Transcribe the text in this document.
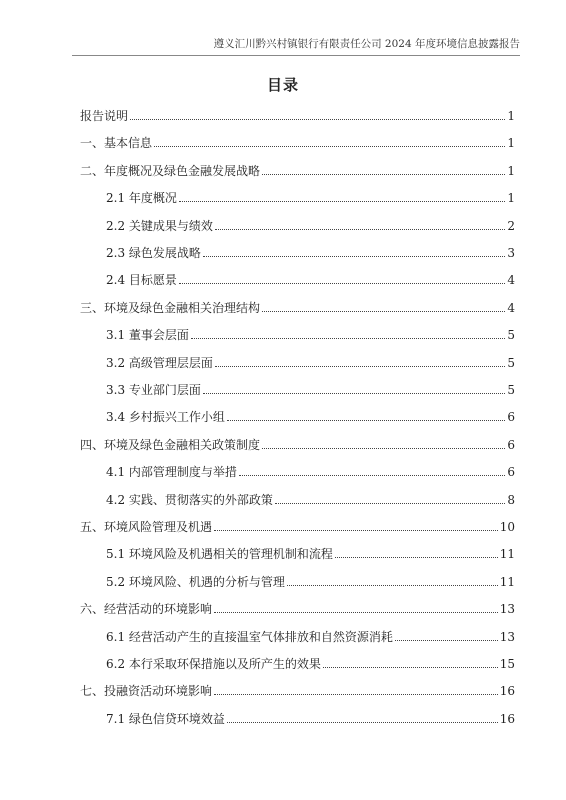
遵义汇川黔兴村镇银行有限责任公司 2024 年度环境信息披露报告
目录
报告说明	1
一、基本信息	1
二、年度概况及绿色金融发展战略	1
2.1 年度概况	1
2.2 关键成果与绩效	2
2.3 绿色发展战略	3
2.4 目标愿景	4
三、环境及绿色金融相关治理结构	4
3.1 董事会层面	5
3.2 高级管理层层面	5
3.3 专业部门层面	5
3.4 乡村振兴工作小组	6
四、环境及绿色金融相关政策制度	6
4.1 内部管理制度与举措	6
4.2 实践、贯彻落实的外部政策	8
五、环境风险管理及机遇	10
5.1 环境风险及机遇相关的管理机制和流程	11
5.2 环境风险、机遇的分析与管理	11
六、经营活动的环境影响	13
6.1 经营活动产生的直接温室气体排放和自然资源消耗	13
6.2 本行采取环保措施以及所产生的效果	15
七、投融资活动环境影响	16
7.1 绿色信贷环境效益	16
